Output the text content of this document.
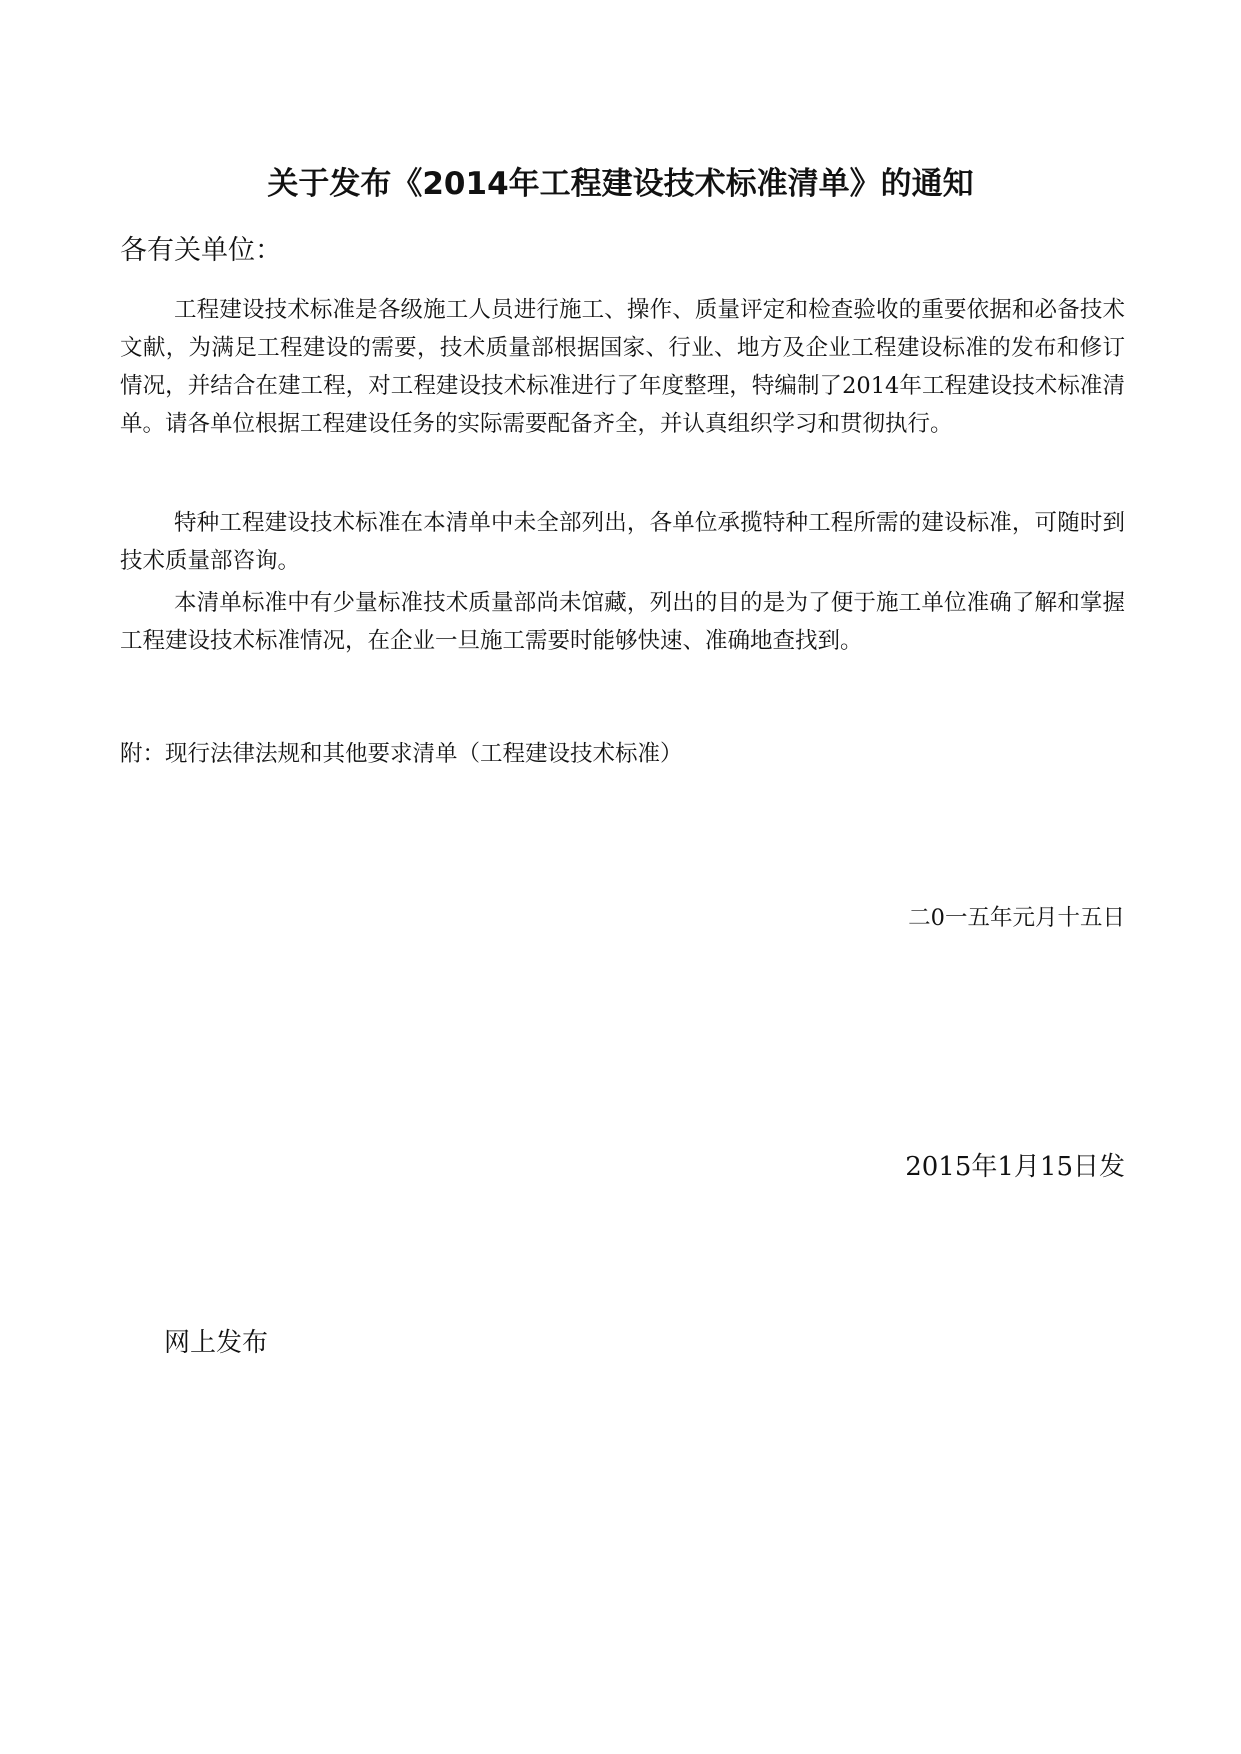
关于发布《2014年工程建设技术标准清单》的通知
各有关单位：

工程建设技术标准是各级施工人员进行施工、操作、质量评定和检查验收的重要依据和必备技术文献，为满足工程建设的需要，技术质量部根据国家、行业、地方及企业工程建设标准的发布和修订情况，并结合在建工程，对工程建设技术标准进行了年度整理，特编制了2014年工程建设技术标准清单。请各单位根据工程建设任务的实际需要配备齐全，并认真组织学习和贯彻执行。

特种工程建设技术标准在本清单中未全部列出，各单位承揽特种工程所需的建设标准，可随时到技术质量部咨询。

本清单标准中有少量标准技术质量部尚未馆藏，列出的目的是为了便于施工单位准确了解和掌握工程建设技术标准情况，在企业一旦施工需要时能够快速、准确地查找到。

附：现行法律法规和其他要求清单（工程建设技术标准）
二0一五年元月十五日
2015年1月15日发
网上发布
